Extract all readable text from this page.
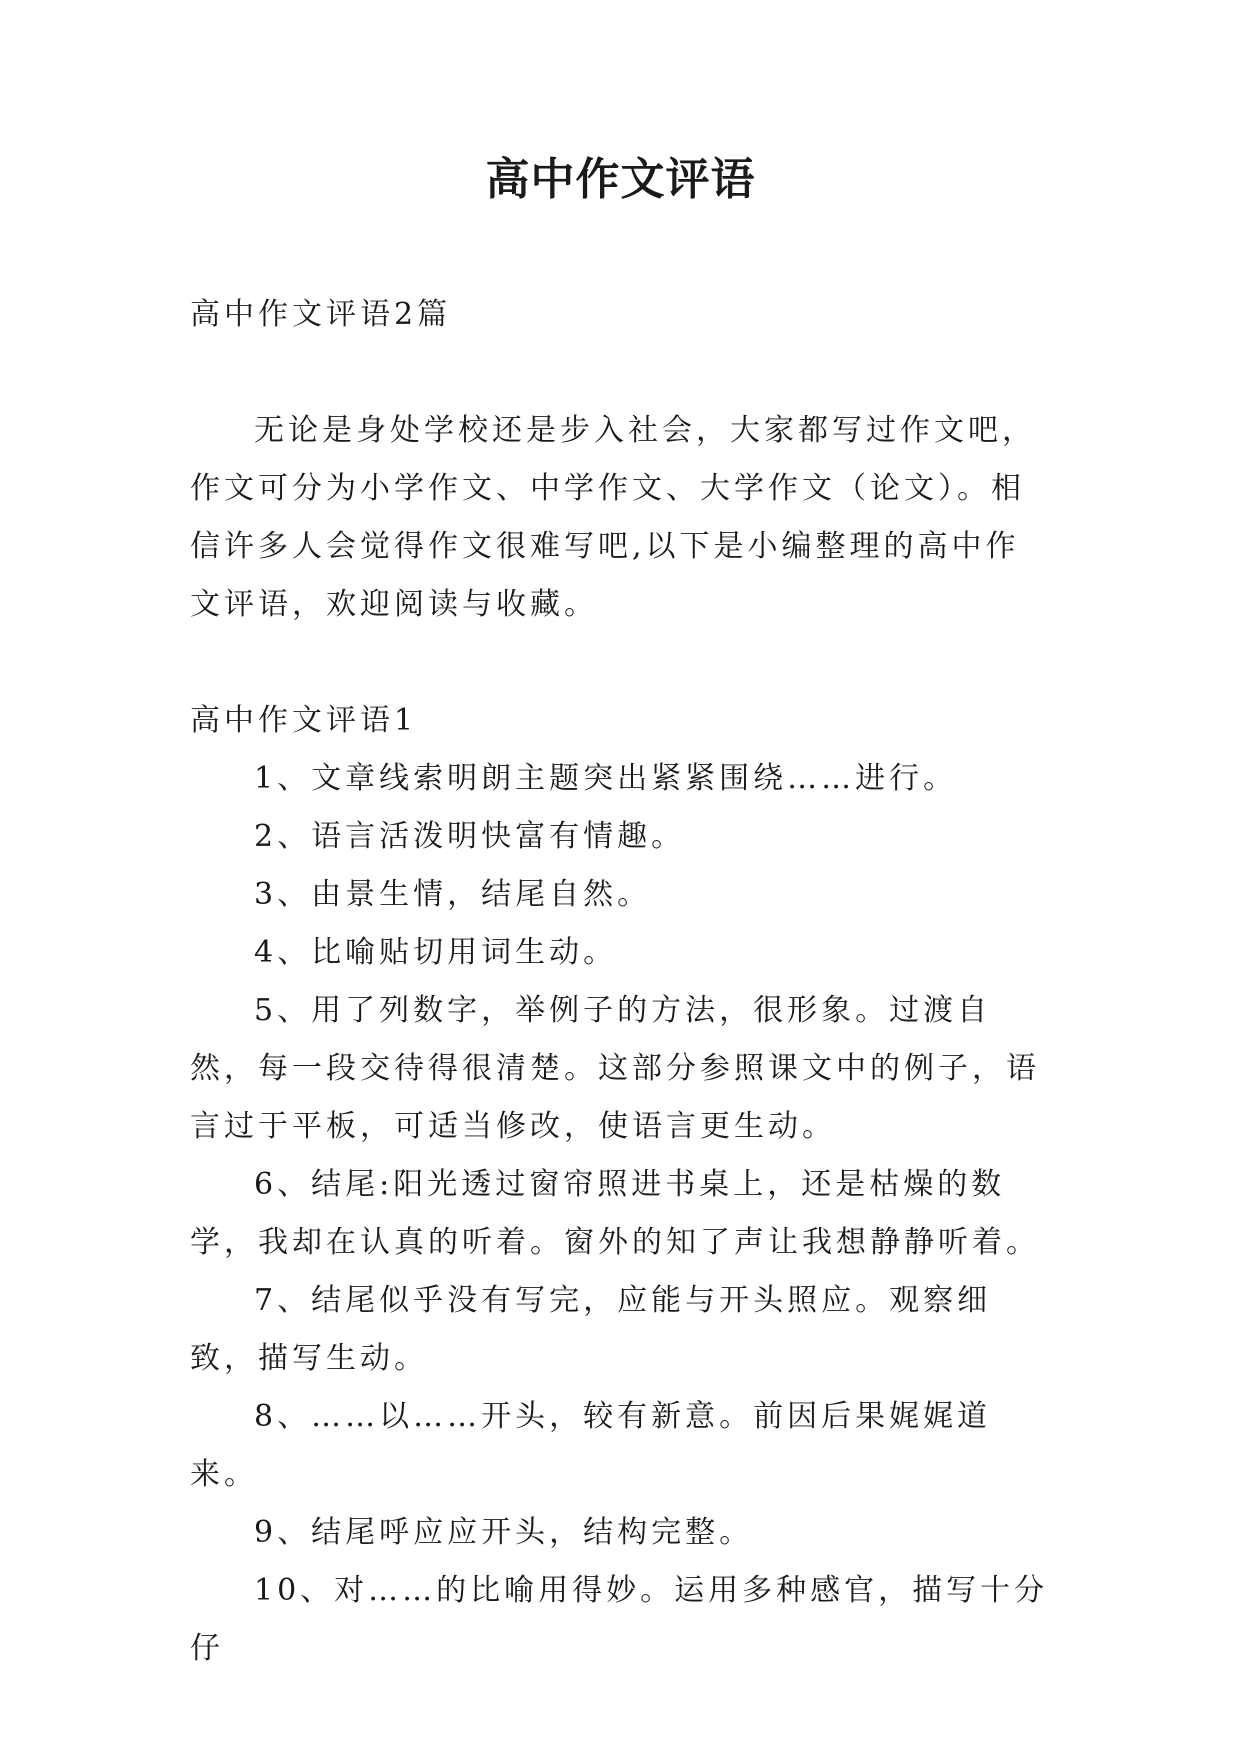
高中作文评语

高中作文评语2篇

无论是身处学校还是步入社会，大家都写过作文吧，作文可分为小学作文、中学作文、大学作文（论文）。相信许多人会觉得作文很难写吧,以下是小编整理的高中作文评语，欢迎阅读与收藏。

高中作文评语1

1、文章线索明朗主题突出紧紧围绕……进行。

2、语言活泼明快富有情趣。

3、由景生情，结尾自然。

4、比喻贴切用词生动。

5、用了列数字，举例子的方法，很形象。过渡自然，每一段交待得很清楚。这部分参照课文中的例子，语言过于平板，可适当修改，使语言更生动。

6、结尾:阳光透过窗帘照进书桌上，还是枯燥的数学，我却在认真的听着。窗外的知了声让我想静静听着。

7、结尾似乎没有写完，应能与开头照应。观察细致，描写生动。

8、……以……开头，较有新意。前因后果娓娓道来。

9、结尾呼应应开头，结构完整。

10、对……的比喻用得妙。运用多种感官，描写十分仔
